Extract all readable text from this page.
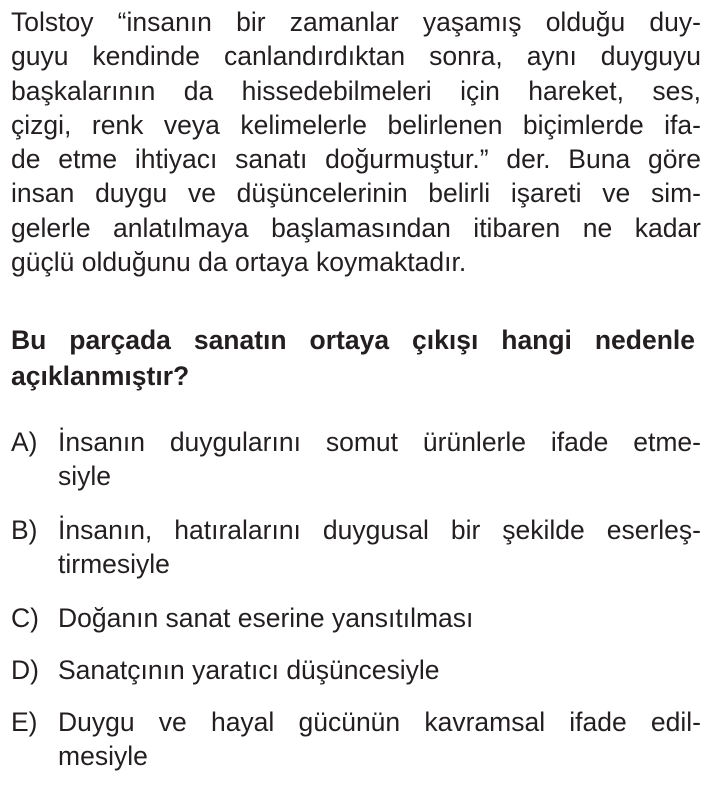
Tolstoy “insanın bir zamanlar yaşamış olduğu duy-
guyu kendinde canlandırdıktan sonra, aynı duyguyu
başkalarının da hissedebilmeleri için hareket, ses,
çizgi, renk veya kelimelerle belirlenen biçimlerde ifa-
de etme ihtiyacı sanatı doğurmuştur.” der. Buna göre
insan duygu ve düşüncelerinin belirli işareti ve sim-
gelerle anlatılmaya başlamasından itibaren ne kadar
güçlü olduğunu da ortaya koymaktadır.
Bu parçada sanatın ortaya çıkışı hangi nedenle
açıklanmıştır?
A) İnsanın duygularını somut ürünlerle ifade etme-
siyle
B) İnsanın, hatıralarını duygusal bir şekilde eserleş-
tirmesiyle
C) Doğanın sanat eserine yansıtılması
D) Sanatçının yaratıcı düşüncesiyle
E) Duygu ve hayal gücünün kavramsal ifade edil-
mesiyle
